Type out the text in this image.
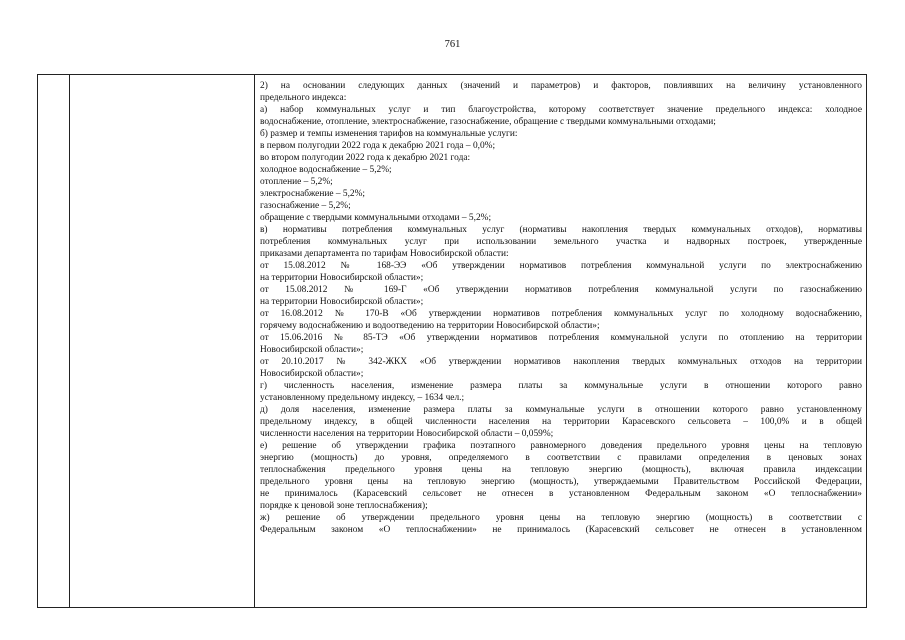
761
2) на основании следующих данных (значений и параметров) и факторов, повлиявших на величину установленного
предельного индекса:
а) набор коммунальных услуг и тип благоустройства, которому соответствует значение предельного индекса: холодное
водоснабжение, отопление, электроснабжение, газоснабжение, обращение с твердыми коммунальными отходами;
б) размер и темпы изменения тарифов на коммунальные услуги:
в первом полугодии 2022 года к декабрю 2021 года – 0,0%;
во втором полугодии 2022 года к декабрю 2021 года:
холодное водоснабжение – 5,2%;
отопление – 5,2%;
электроснабжение – 5,2%;
газоснабжение – 5,2%;
обращение с твердыми коммунальными отходами – 5,2%;
в) нормативы потребления коммунальных услуг (нормативы накопления твердых коммунальных отходов), нормативы
потребления коммунальных услуг при использовании земельного участка и надворных построек, утвержденные
приказами департамента по тарифам Новосибирской области:
от 15.08.2012 № 168-ЭЭ «Об утверждении нормативов потребления коммунальной услуги по электроснабжению
на территории Новосибирской области»;
от 15.08.2012 № 169-Г «Об утверждении нормативов потребления коммунальной услуги по газоснабжению
на территории Новосибирской области»;
от 16.08.2012 № 170-В «Об утверждении нормативов потребления коммунальных услуг по холодному водоснабжению,
горячему водоснабжению и водоотведению на территории Новосибирской области»;
от 15.06.2016 № 85-ТЭ «Об утверждении нормативов потребления коммунальной услуги по отоплению на территории
Новосибирской области»;
от 20.10.2017 № 342-ЖКХ «Об утверждении нормативов накопления твердых коммунальных отходов на территории
Новосибирской области»;
г) численность населения, изменение размера платы за коммунальные услуги в отношении которого равно
установленному предельному индексу, – 1634 чел.;
д) доля населения, изменение размера платы за коммунальные услуги в отношении которого равно установленному
предельному индексу, в общей численности населения на территории Карасевского сельсовета – 100,0% и в общей
численности населения на территории Новосибирской области – 0,059%;
е) решение об утверждении графика поэтапного равномерного доведения предельного уровня цены на тепловую
энергию (мощность) до уровня, определяемого в соответствии с правилами определения в ценовых зонах
теплоснабжения предельного уровня цены на тепловую энергию (мощность), включая правила индексации
предельного уровня цены на тепловую энергию (мощность), утверждаемыми Правительством Российской Федерации,
не принималось (Карасевский сельсовет не отнесен в установленном Федеральным законом «О теплоснабжении»
порядке к ценовой зоне теплоснабжения);
ж) решение об утверждении предельного уровня цены на тепловую энергию (мощность) в соответствии с
Федеральным законом «О теплоснабжении» не принималось (Карасевский сельсовет не отнесен в установленном
